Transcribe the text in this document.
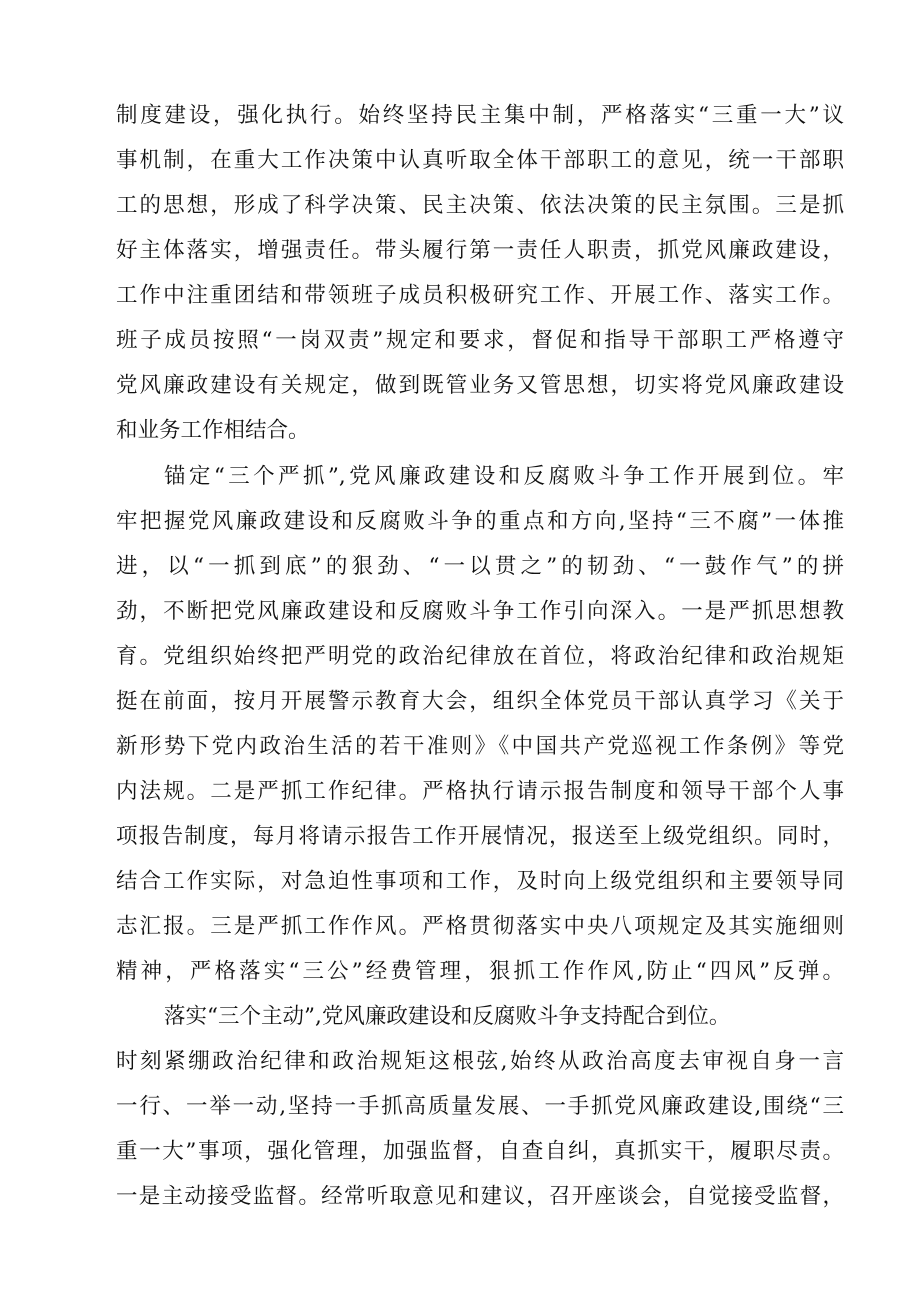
制度建设，强化执行。始终坚持民主集中制，严格落实“三重一大”议
事机制，在重大工作决策中认真听取全体干部职工的意见，统一干部职
工的思想，形成了科学决策、民主决策、依法决策的民主氛围。三是抓
好主体落实，增强责任。带头履行第一责任人职责，抓党风廉政建设，
工作中注重团结和带领班子成员积极研究工作、开展工作、落实工作。
班子成员按照“一岗双责”规定和要求，督促和指导干部职工严格遵守
党风廉政建设有关规定，做到既管业务又管思想，切实将党风廉政建设
和业务工作相结合。
锚定“三个严抓”,党风廉政建设和反腐败斗争工作开展到位。牢
牢把握党风廉政建设和反腐败斗争的重点和方向,坚持“三不腐”一体推
进，以“一抓到底”的狠劲、“一以贯之”的韧劲、“一鼓作气”的拼
劲，不断把党风廉政建设和反腐败斗争工作引向深入。一是严抓思想教
育。党组织始终把严明党的政治纪律放在首位，将政治纪律和政治规矩
挺在前面，按月开展警示教育大会，组织全体党员干部认真学习《关于
新形势下党内政治生活的若干准则》《中国共产党巡视工作条例》等党
内法规。二是严抓工作纪律。严格执行请示报告制度和领导干部个人事
项报告制度，每月将请示报告工作开展情况，报送至上级党组织。同时，
结合工作实际，对急迫性事项和工作，及时向上级党组织和主要领导同
志汇报。三是严抓工作作风。严格贯彻落实中央八项规定及其实施细则
精神，严格落实“三公”经费管理，狠抓工作作风,防止“四风”反弹。
落实“三个主动”,党风廉政建设和反腐败斗争支持配合到位。
时刻紧绷政治纪律和政治规矩这根弦,始终从政治高度去审视自身一言
一行、一举一动,坚持一手抓高质量发展、一手抓党风廉政建设,围绕“三
重一大”事项，强化管理，加强监督，自查自纠，真抓实干，履职尽责。
一是主动接受监督。经常听取意见和建议，召开座谈会，自觉接受监督，
